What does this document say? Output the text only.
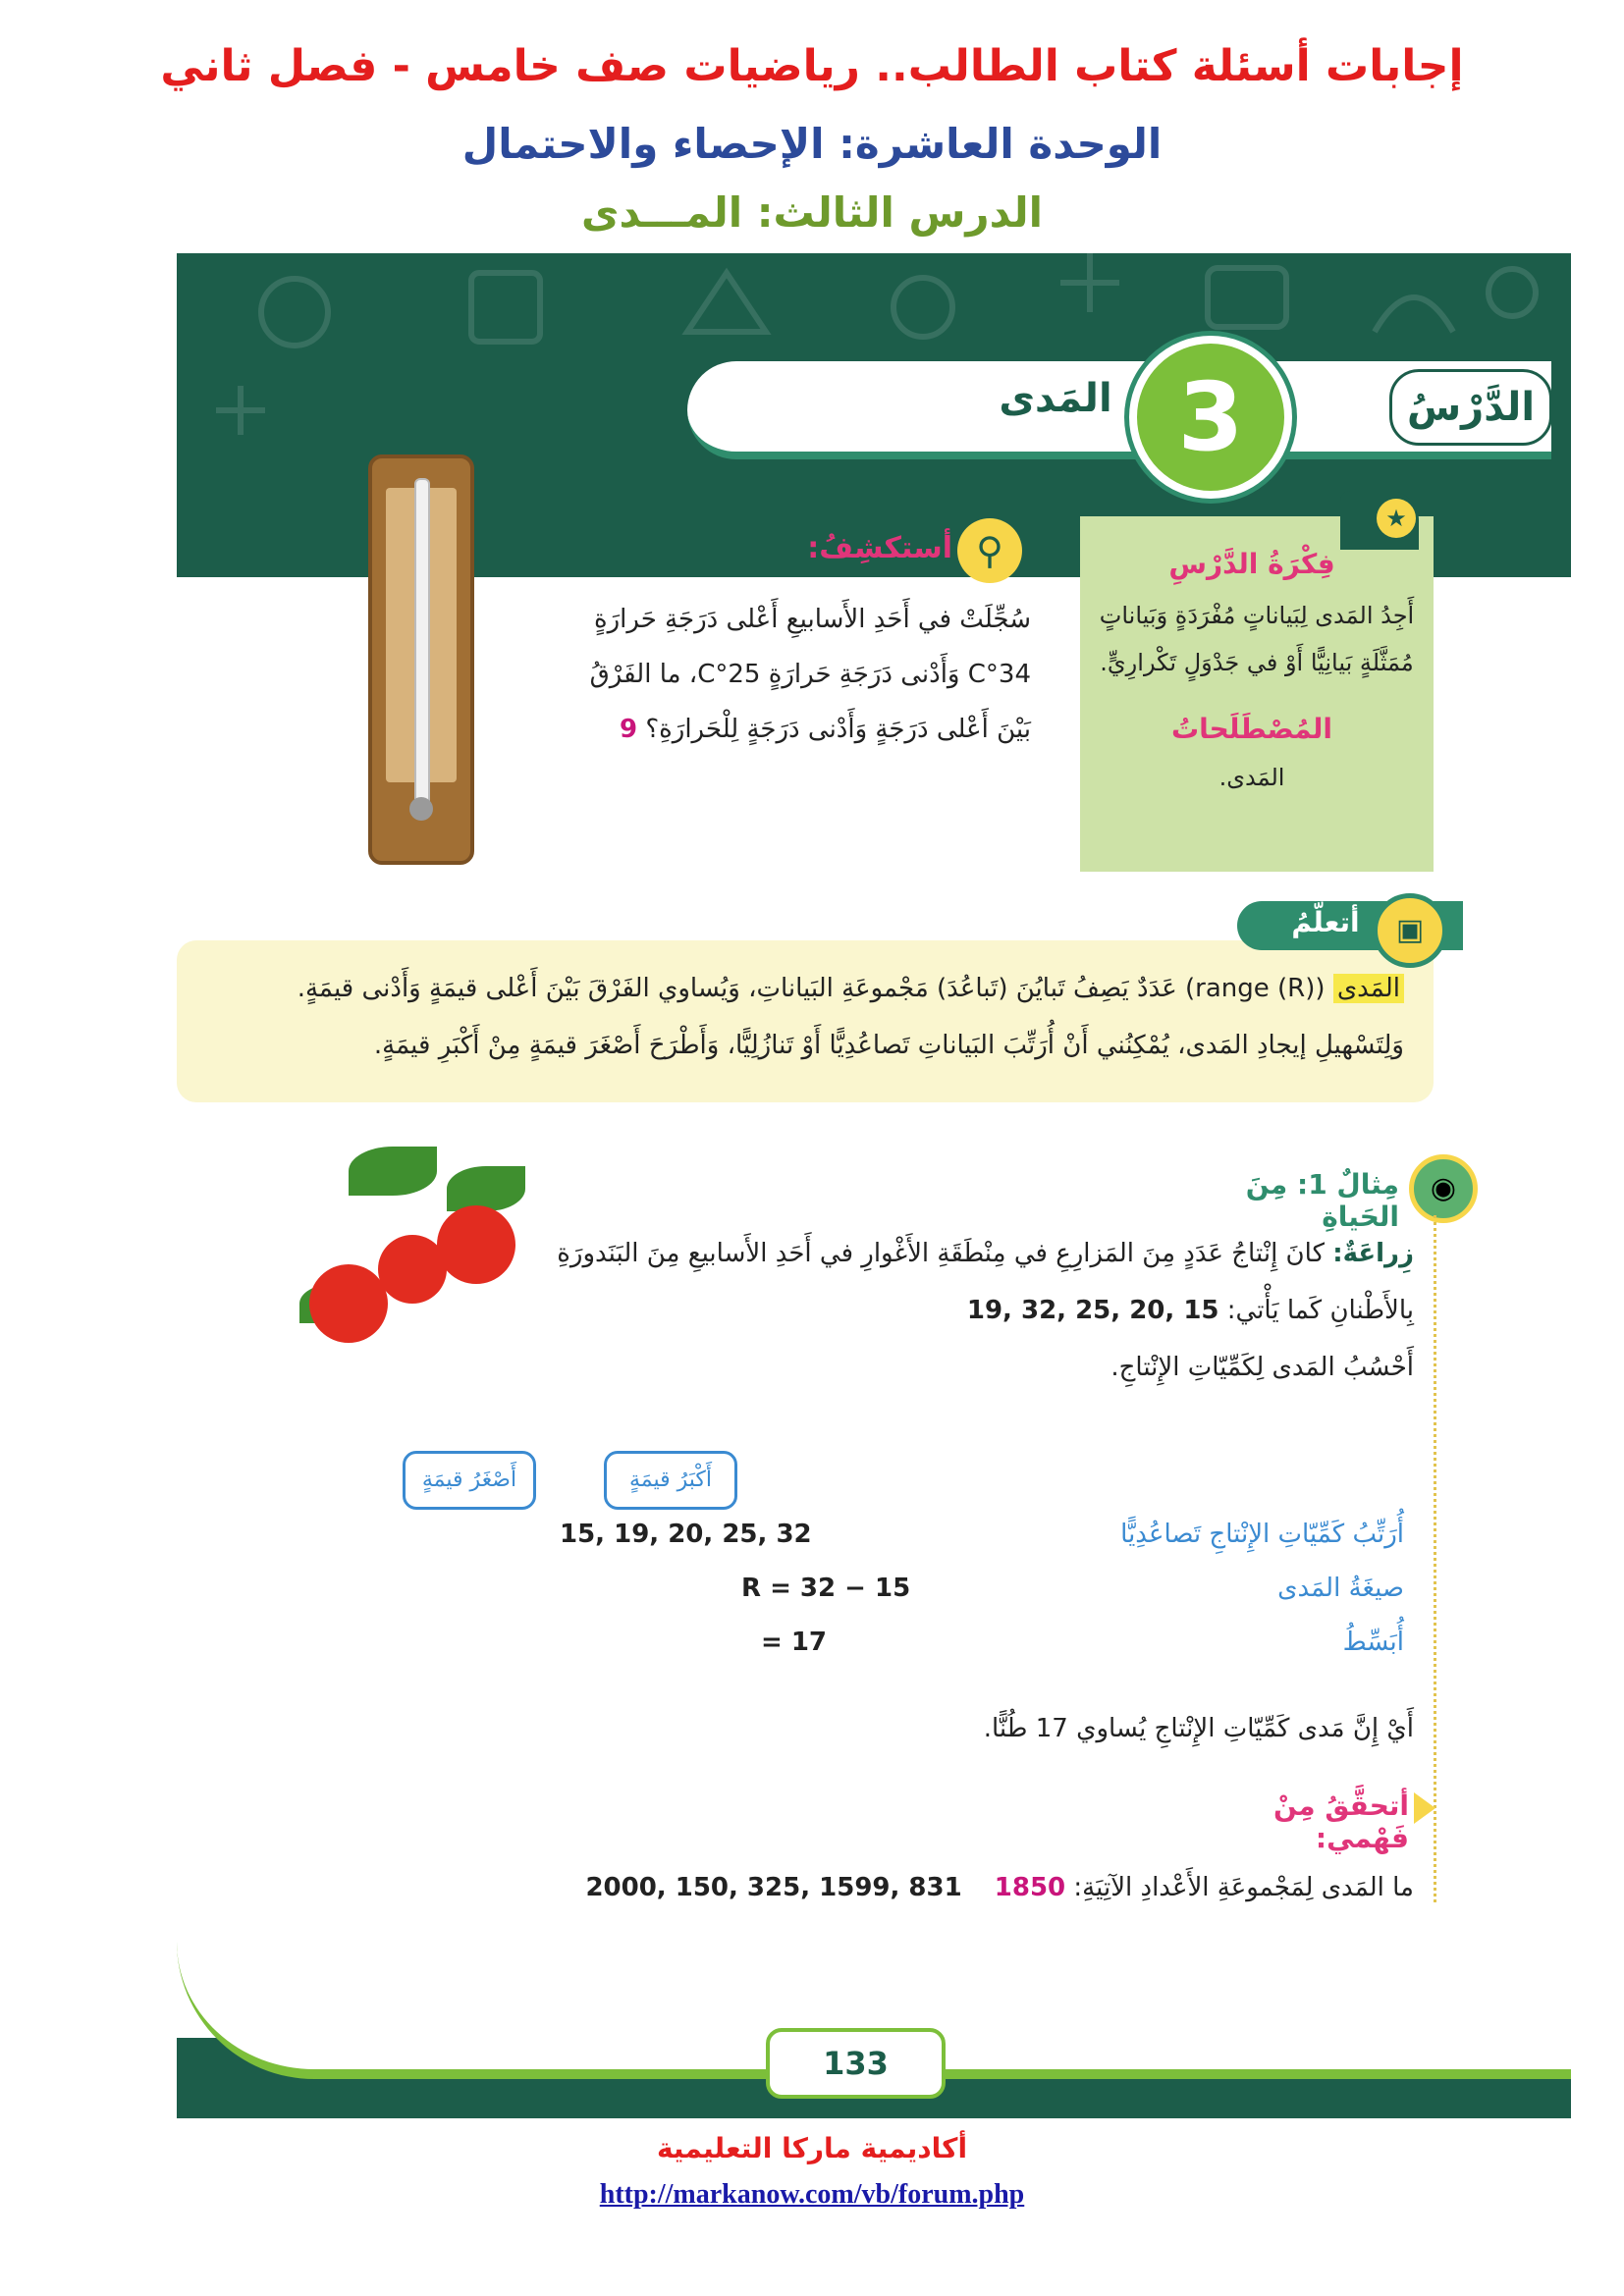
إجابات أسئلة كتاب الطالب.. رياضيات صف خامس - فصل ثاني
الوحدة العاشرة: الإحصاء والاحتمال
الدرس الثالث: المـــدى
الدَّرْسُ
3
المَدى
⚲
أستكشِفُ:
سُجِّلَتْ في أَحَدِ الأَسابيعِ أَعْلى دَرَجَةِ حَرارَةٍ 34°C وَأَدْنى دَرَجَةِ حَرارَةٍ 25°C، ما الفَرْقُ بَيْنَ أَعْلى دَرَجَةٍ وَأَدْنى دَرَجَةٍ لِلْحَرارَةِ؟ 9
★
فِكْرَةُ الدَّرْسِ
أَجِدُ المَدى لِبَياناتٍ مُفْرَدَةٍ وَبَياناتٍ مُمَثَّلَةٍ بَيانِيًّا أَوْ في جَدْوَلٍ تَكْرارِيٍّ.
المُصْطَلَحاتُ
المَدى.
أتعلَّمُ	▣
المَدى (range (R)) عَدَدٌ يَصِفُ تَبايُنَ (تَباعُدَ) مَجْموعَةِ البَياناتِ، وَيُساوي الفَرْقَ بَيْنَ أَعْلى قيمَةٍ وَأَدْنى قيمَةٍ.
وَلِتَسْهيلِ إيجادِ المَدى، يُمْكِنُني أَنْ أُرَتِّبَ البَياناتِ تَصاعُدِيًّا أَوْ تَنازُلِيًّا، وَأَطْرَحَ أَصْغَرَ قيمَةٍ مِنْ أَكْبَرِ قيمَةٍ.
◉
مِثالٌ 1: مِنَ الحَياةِ
زِراعَةٌ: كانَ إِنْتاجُ عَدَدٍ مِنَ المَزارِعِ في مِنْطَقَةِ الأَغْوارِ في أَحَدِ الأَسابيعِ مِنَ البَنَدورَةِ
بِالأَطْنانِ كَما يَأْتي: 19, 32, 25, 20, 15
أَحْسُبُ المَدى لِكَمِّيّاتِ الإِنْتاجِ.
أَكْبَرُ قيمَةٍ
أَصْغَرُ قيمَةٍ
15, 19, 20, 25, 32
R = 32 − 15
= 17
أُرَتِّبُ كَمِّيّاتِ الإِنْتاجِ تَصاعُدِيًّا
صيغَةُ المَدى
أُبَسِّطُ
أَيْ إِنَّ مَدى كَمِّيّاتِ الإِنْتاجِ يُساوي 17 طُنًّا.
أتحقَّقُ مِنْ فَهْمي:
ما المَدى لِمَجْموعَةِ الأَعْدادِ الآتِيَةِ: 2000, 150, 325, 1599, 831 1850
133
أكاديمية ماركا التعليمية
http://markanow.com/vb/forum.php
